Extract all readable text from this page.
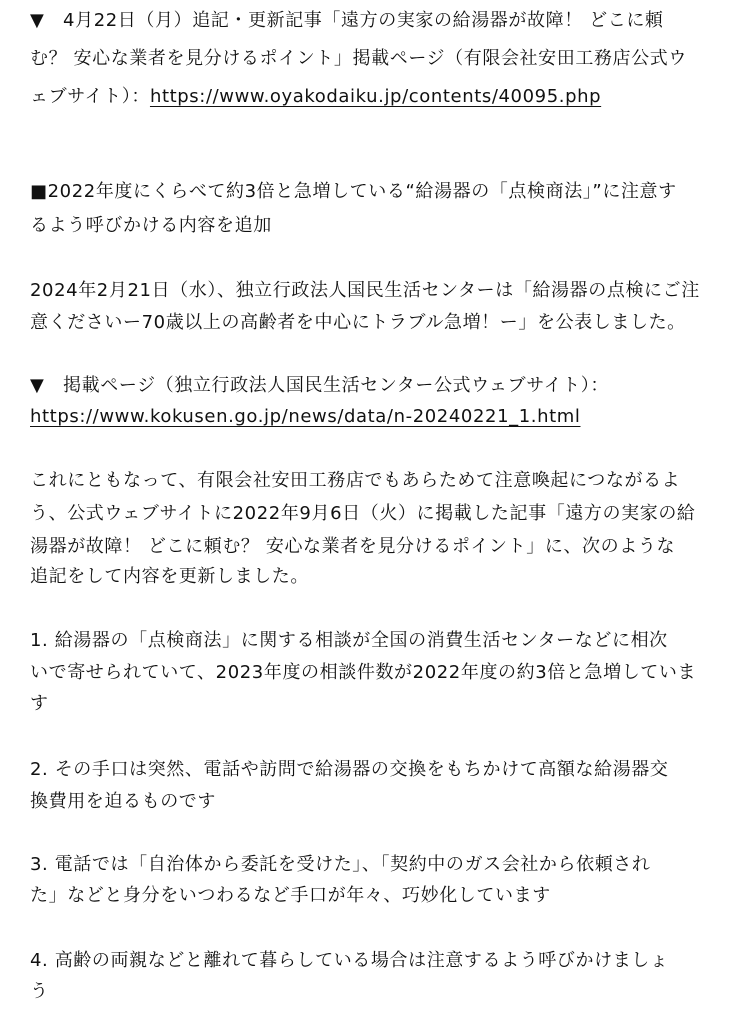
▼　4月22日（月）追記・更新記事「遠方の実家の給湯器が故障！ どこに頼
む？ 安心な業者を見分けるポイント」掲載ページ（有限会社安田工務店公式ウ
ェブサイト）：https://www.oyakodaiku.jp/contents/40095.php
■2022年度にくらべて約3倍と急増している“給湯器の「点検商法」”に注意す
るよう呼びかける内容を追加
2024年2月21日（水）、独立行政法人国民生活センターは「給湯器の点検にご注
意くださいー70歳以上の高齢者を中心にトラブル急増！ー」を公表しました。
▼　掲載ページ（独立行政法人国民生活センター公式ウェブサイト）：
https://www.kokusen.go.jp/news/data/n-20240221_1.html
これにともなって、有限会社安田工務店でもあらためて注意喚起につながるよ
う、公式ウェブサイトに2022年9月6日（火）に掲載した記事「遠方の実家の給
湯器が故障！ どこに頼む？ 安心な業者を見分けるポイント」に、次のような
追記をして内容を更新しました。
1. 給湯器の「点検商法」に関する相談が全国の消費生活センターなどに相次
いで寄せられていて、2023年度の相談件数が2022年度の約3倍と急増していま
す
2. その手口は突然、電話や訪問で給湯器の交換をもちかけて高額な給湯器交
換費用を迫るものです
3. 電話では「自治体から委託を受けた」、「契約中のガス会社から依頼され
た」などと身分をいつわるなど手口が年々、巧妙化しています
4. 高齢の両親などと離れて暮らしている場合は注意するよう呼びかけましょ
う
